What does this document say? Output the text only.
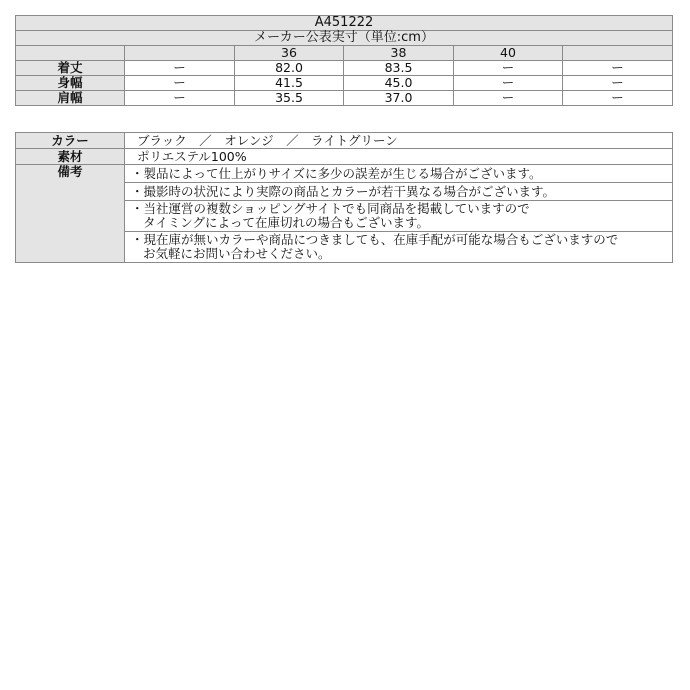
A451222					
メーカー公表実寸（単位:cm）					
		36	38	40	
着丈	ー	82.0	83.5	ー	ー
身幅	ー	41.5	45.0	ー	ー
肩幅	ー	35.5	37.0	ー	ー
カラー	ブラック　／　オレンジ　／　ライトグリーン
素材	ポリエステル100%
備考	・製品によって仕上がりサイズに多少の誤差が生じる場合がございます。

	・撮影時の状況により実際の商品とカラーが若干異なる場合がございます。

	・当社運営の複数ショッピングサイトでも同商品を掲載していますので
タイミングによって在庫切れの場合もございます。

	・現在庫が無いカラーや商品につきましても、在庫手配が可能な場合もございますので
お気軽にお問い合わせください。
